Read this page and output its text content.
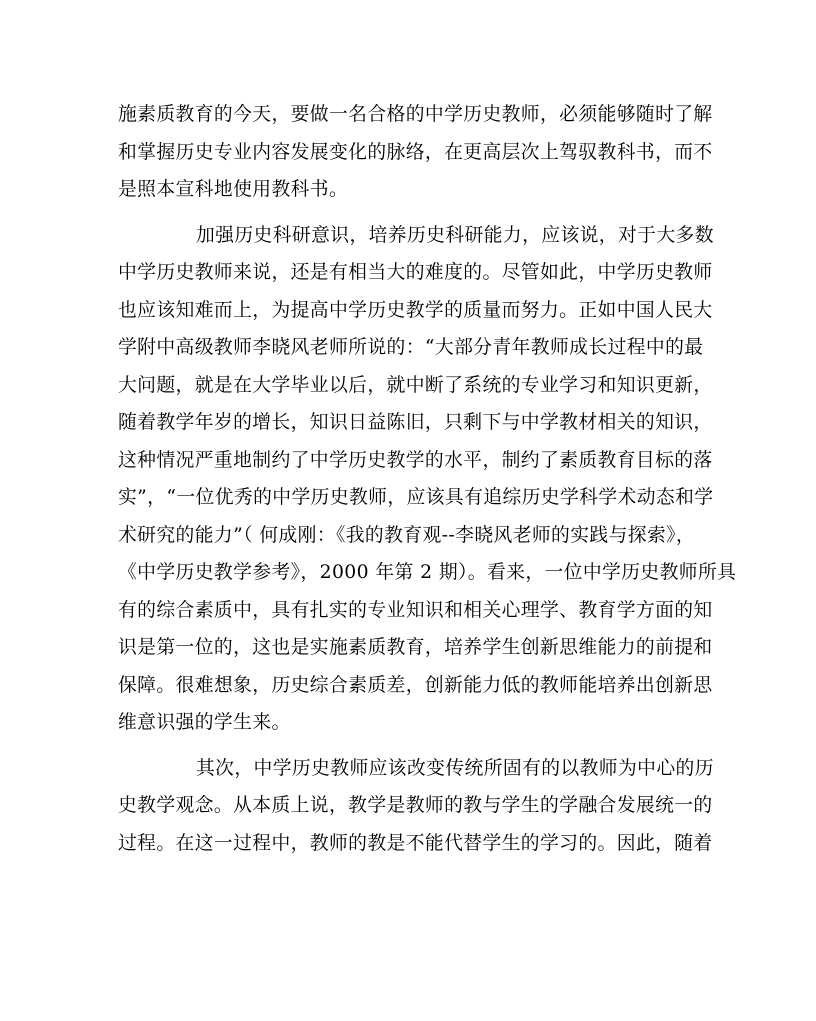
施素质教育的今天，要做一名合格的中学历史教师，必须能够随时了解
和掌握历史专业内容发展变化的脉络，在更高层次上驾驭教科书，而不
是照本宣科地使用教科书。
加强历史科研意识，培养历史科研能力，应该说，对于大多数
中学历史教师来说，还是有相当大的难度的。尽管如此，中学历史教师
也应该知难而上，为提高中学历史教学的质量而努力。正如中国人民大
学附中高级教师李晓风老师所说的：“大部分青年教师成长过程中的最
大问题，就是在大学毕业以后，就中断了系统的专业学习和知识更新，
随着教学年岁的增长，知识日益陈旧，只剩下与中学教材相关的知识，
这种情况严重地制约了中学历史教学的水平，制约了素质教育目标的落
实”，“一位优秀的中学历史教师，应该具有追综历史学科学术动态和学
术研究的能力”（ 何成刚：《我的教育观--李晓风老师的实践与探索》，
《中学历史教学参考》，2000 年第 2 期）。看来，一位中学历史教师所具
有的综合素质中，具有扎实的专业知识和相关心理学、教育学方面的知
识是第一位的，这也是实施素质教育，培养学生创新思维能力的前提和
保障。很难想象，历史综合素质差，创新能力低的教师能培养出创新思
维意识强的学生来。
其次，中学历史教师应该改变传统所固有的以教师为中心的历
史教学观念。从本质上说，教学是教师的教与学生的学融合发展统一的
过程。在这一过程中，教师的教是不能代替学生的学习的。因此，随着
